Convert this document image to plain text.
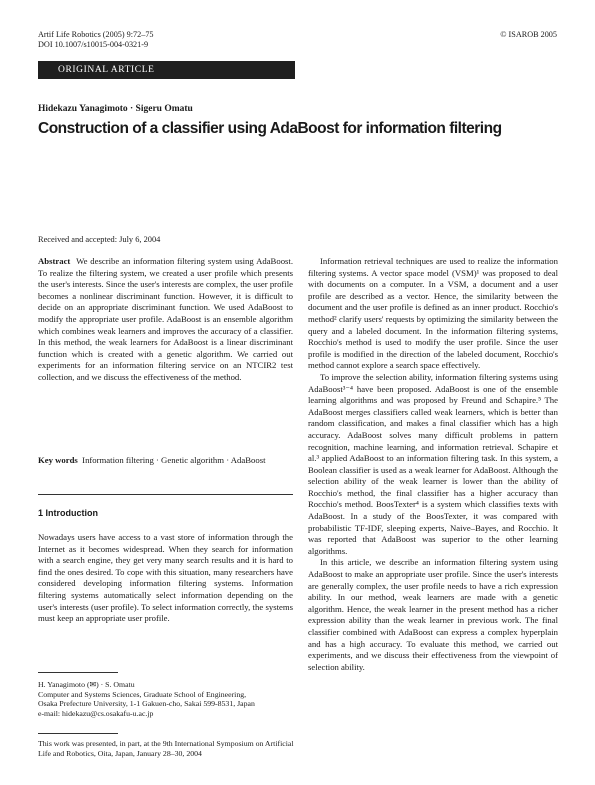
Artif Life Robotics (2005) 9:72–75
DOI 10.1007/s10015-004-0321-9
© ISAROB 2005
ORIGINAL ARTICLE
Hidekazu Yanagimoto · Sigeru Omatu
Construction of a classifier using AdaBoost for information filtering
Received and accepted: July 6, 2004

Abstract We describe an information filtering system using AdaBoost. To realize the filtering system, we created a user profile which presents the user's interests. Since the user's interests are complex, the user profile becomes a nonlinear discriminant function. However, it is difficult to decide on an appropriate discriminant function. We used AdaBoost to modify the appropriate user profile. AdaBoost is an ensemble algorithm which combines weak learners and improves the accuracy of a classifier. In this method, the weak learners for AdaBoost is a linear discriminant function which is created with a genetic algorithm. We carried out experiments for an information filtering service on an NTCIR2 test collection, and we discuss the effectiveness of the method.

Key words Information filtering · Genetic algorithm · AdaBoost

1 Introduction

Nowadays users have access to a vast store of information through the Internet as it becomes widespread. When they search for information with a search engine, they get very many search results and it is hard to find the ones desired. To cope with this situation, many researchers have considered developing information filtering systems. Information filtering systems automatically select information depending on the user's interests (user profile). To select information correctly, the systems must keep an appropriate user profile.

H. Yanagimoto (✉) · S. Omatu
Computer and Systems Sciences, Graduate School of Engineering,
Osaka Prefecture University, 1-1 Gakuen-cho, Sakai 599-8531, Japan
e-mail: hidekazu@cs.osakafu-u.ac.jp
This work was presented, in part, at the 9th International Symposium on Artificial Life and Robotics, Oita, Japan, January 28–30, 2004

Information retrieval techniques are used to realize the information filtering systems. A vector space model (VSM)¹ was proposed to deal with documents on a computer. In a VSM, a document and a user profile are described as a vector. Hence, the similarity between the document and the user profile is defined as an inner product. Rocchio's method² clarify users' requests by optimizing the similarity between the query and a labeled document. In the information filtering systems, Rocchio's method is used to modify the user profile. Since the user profile is modified in the direction of the labeled document, Rocchio's method cannot explore a search space effectively.

To improve the selection ability, information filtering systems using AdaBoost³⁻⁴ have been proposed. AdaBoost is one of the ensemble learning algorithms and was proposed by Freund and Schapire.⁵ The AdaBoost merges classifiers called weak learners, which is better than random classification, and makes a final classifier which has a high accuracy. AdaBoost solves many difficult problems in pattern recognition, machine learning, and information retrieval. Schapire et al.³ applied AdaBoost to an information filtering task. In this system, a Boolean classifier is used as a weak learner for AdaBoost. Although the selection ability of the weak learner is lower than the ability of Rocchio's method, the final classifier has a higher accuracy than Rocchio's method. BoosTexter⁴ is a system which classifies texts with AdaBoost. In a study of the BoosTexter, it was compared with probabilistic TF-IDF, sleeping experts, Naive–Bayes, and Rocchio. It was reported that AdaBoost was superior to the other learning algorithms.

In this article, we describe an information filtering system using AdaBoost to make an appropriate user profile. Since the user's interests are generally complex, the user profile needs to have a rich expression ability. In our method, weak learners are made with a genetic algorithm. Hence, the weak learner in the present method has a richer expression ability than the weak learner in previous work. The final classifier combined with AdaBoost can express a complex hyperplain and has a high accuracy. To evaluate this method, we carried out experiments, and we discuss their effectiveness from the viewpoint of selection ability.
